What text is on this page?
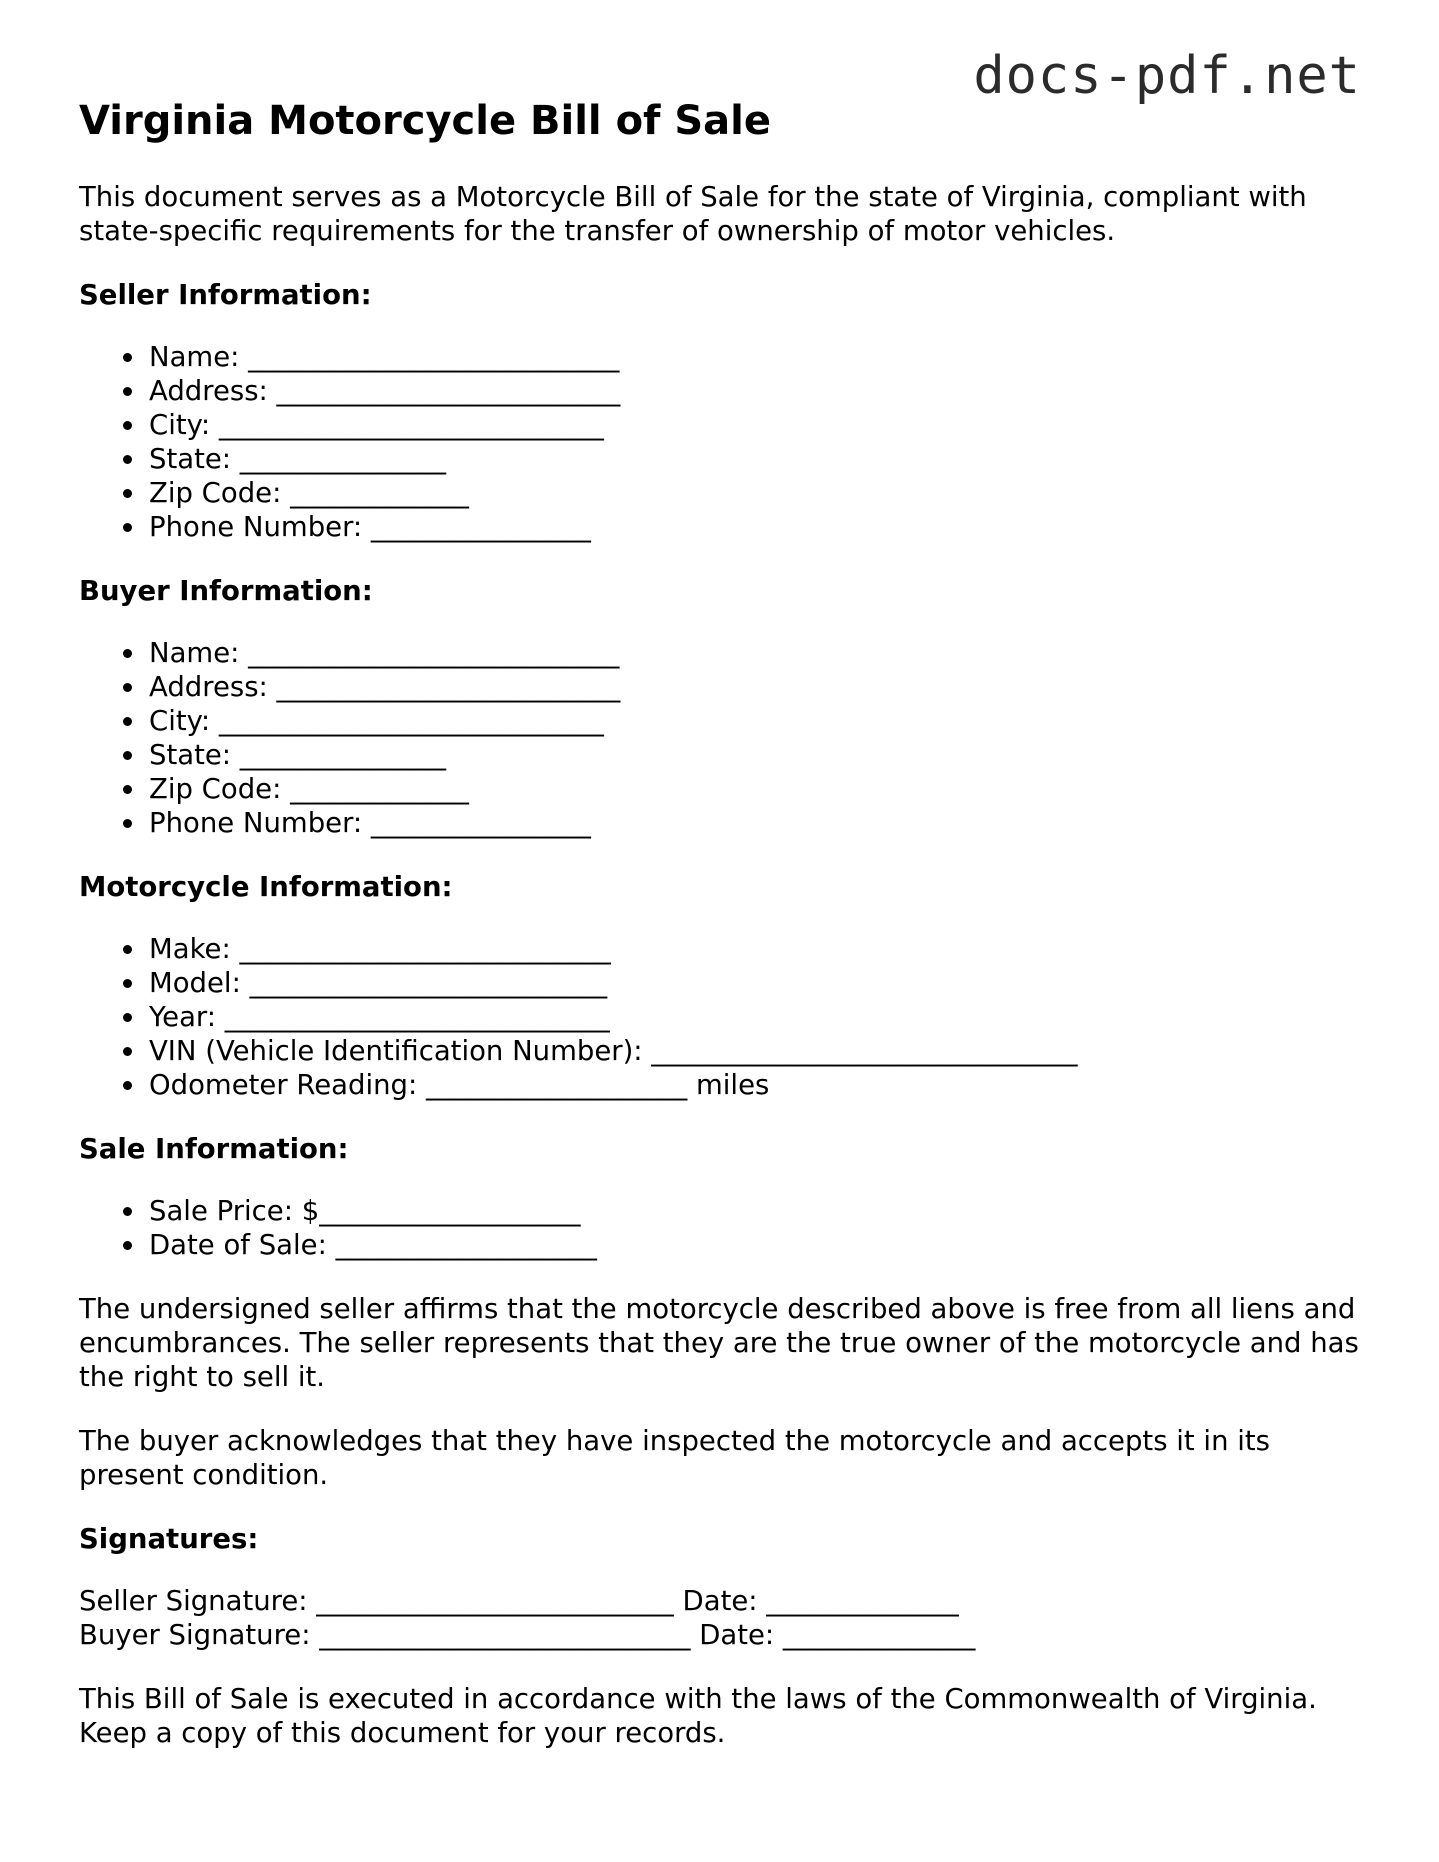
docs-pdf.net
Virginia Motorcycle Bill of Sale

This document serves as a Motorcycle Bill of Sale for the state of Virginia, compliant with state-specific requirements for the transfer of ownership of motor vehicles.

Seller Information:
Name: ___________________________
Address: _________________________
City: ____________________________
State: _______________
Zip Code: _____________
Phone Number: ________________
Buyer Information:
Name: ___________________________
Address: _________________________
City: ____________________________
State: _______________
Zip Code: _____________
Phone Number: ________________
Motorcycle Information:
Make: ___________________________
Model: __________________________
Year: ____________________________
VIN (Vehicle Identification Number): _______________________________
Odometer Reading: ___________________ miles
Sale Information:
Sale Price: $___________________
Date of Sale: ___________________

The undersigned seller affirms that the motorcycle described above is free from all liens and encumbrances. The seller represents that they are the true owner of the motorcycle and has the right to sell it.

The buyer acknowledges that they have inspected the motorcycle and accepts it in its present condition.

Signatures:
Seller Signature: __________________________ Date: ______________
Buyer Signature: ___________________________ Date: ______________

This Bill of Sale is executed in accordance with the laws of the Commonwealth of Virginia. Keep a copy of this document for your records.
